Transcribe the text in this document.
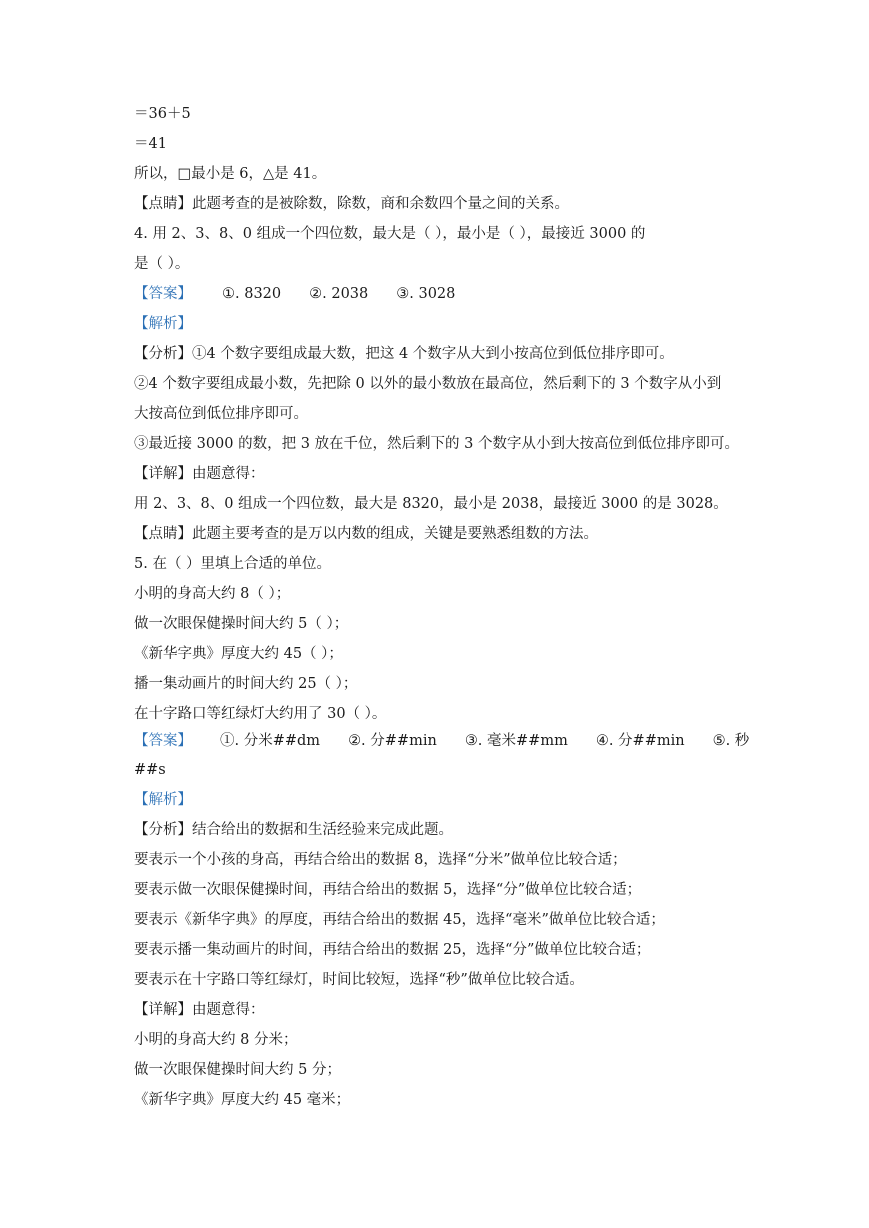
＝36＋5
＝41
所以，□最小是 6，△是 41。
【点睛】此题考查的是被除数，除数，商和余数四个量之间的关系。
4. 用 2、3、8、0 组成一个四位数，最大是（ ），最小是（ ），最接近 3000 的
是（ ）。
【答案】 ①. 8320 ②. 2038 ③. 3028
【解析】
【分析】①4 个数字要组成最大数，把这 4 个数字从大到小按高位到低位排序即可。
②4 个数字要组成最小数，先把除 0 以外的最小数放在最高位，然后剩下的 3 个数字从小到
大按高位到低位排序即可。
③最近接 3000 的数，把 3 放在千位，然后剩下的 3 个数字从小到大按高位到低位排序即可。
【详解】由题意得：
用 2、3、8、0 组成一个四位数，最大是 8320，最小是 2038，最接近 3000 的是 3028。
【点睛】此题主要考查的是万以内数的组成，关键是要熟悉组数的方法。
5. 在（ ）里填上合适的单位。
小明的身高大约 8（ ）；
做一次眼保健操时间大约 5（ ）；
《新华字典》厚度大约 45（ ）；
播一集动画片的时间大约 25（ ）；
在十字路口等红绿灯大约用了 30（ ）。
【答案】 ①. 分米##dm ②. 分##min ③. 毫米##mm ④. 分##min ⑤. 秒
##s
【解析】
【分析】结合给出的数据和生活经验来完成此题。
要表示一个小孩的身高，再结合给出的数据 8，选择“分米”做单位比较合适；
要表示做一次眼保健操时间，再结合给出的数据 5，选择“分”做单位比较合适；
要表示《新华字典》的厚度，再结合给出的数据 45，选择“毫米”做单位比较合适；
要表示播一集动画片的时间，再结合给出的数据 25，选择“分”做单位比较合适；
要表示在十字路口等红绿灯，时间比较短，选择“秒”做单位比较合适。
【详解】由题意得：
小明的身高大约 8 分米；
做一次眼保健操时间大约 5 分；
《新华字典》厚度大约 45 毫米；
